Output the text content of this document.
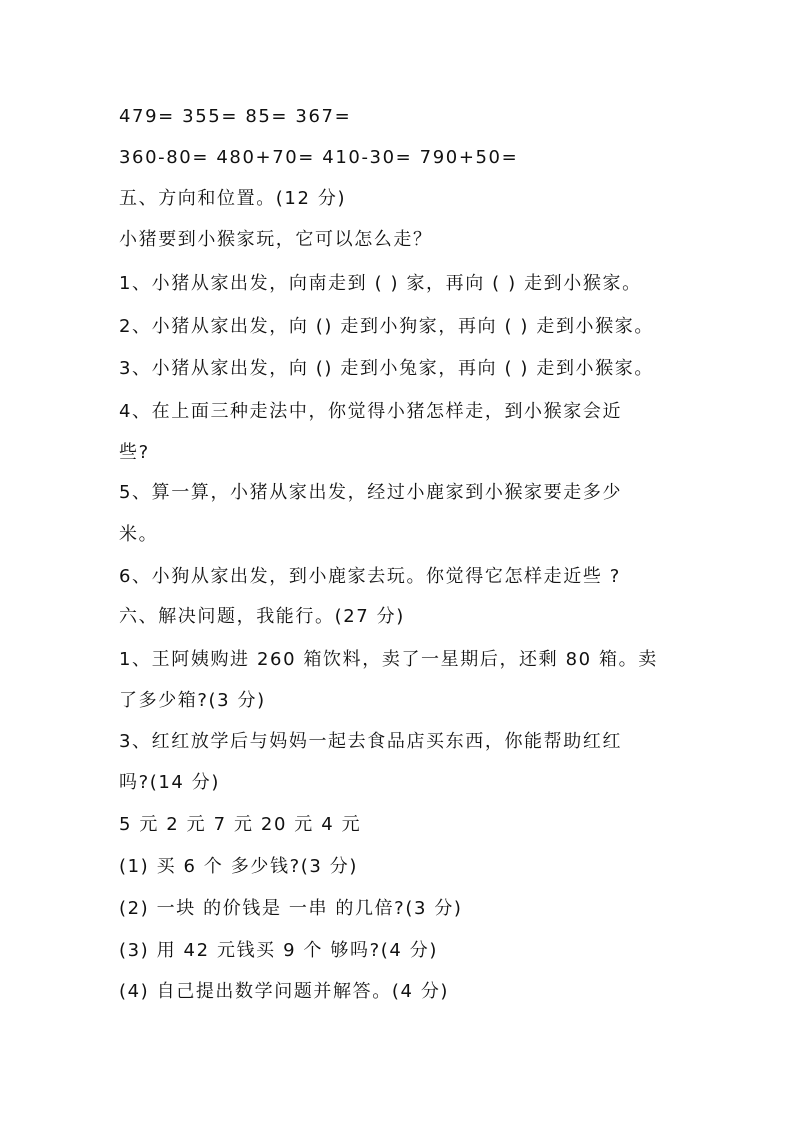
479= 355= 85= 367=
360-80= 480+70= 410-30= 790+50=
五、方向和位置。(12 分)
小猪要到小猴家玩，它可以怎么走？
1、小猪从家出发，向南走到 ( ) 家，再向 ( ) 走到小猴家。
2、小猪从家出发，向 () 走到小狗家，再向 ( ) 走到小猴家。
3、小猪从家出发，向 () 走到小兔家，再向 ( ) 走到小猴家。
4、在上面三种走法中，你觉得小猪怎样走，到小猴家会近
些?
5、算一算，小猪从家出发，经过小鹿家到小猴家要走多少
米。
6、小狗从家出发，到小鹿家去玩。你觉得它怎样走近些 ?
六、解决问题，我能行。(27 分)
1、王阿姨购进 260 箱饮料，卖了一星期后，还剩 80 箱。卖
了多少箱?(3 分)
3、红红放学后与妈妈一起去食品店买东西，你能帮助红红
吗?(14 分)
5 元 2 元 7 元 20 元 4 元
(1) 买 6 个 多少钱?(3 分)
(2) 一块 的价钱是 一串 的几倍?(3 分)
(3) 用 42 元钱买 9 个 够吗?(4 分)
(4) 自己提出数学问题并解答。(4 分)
